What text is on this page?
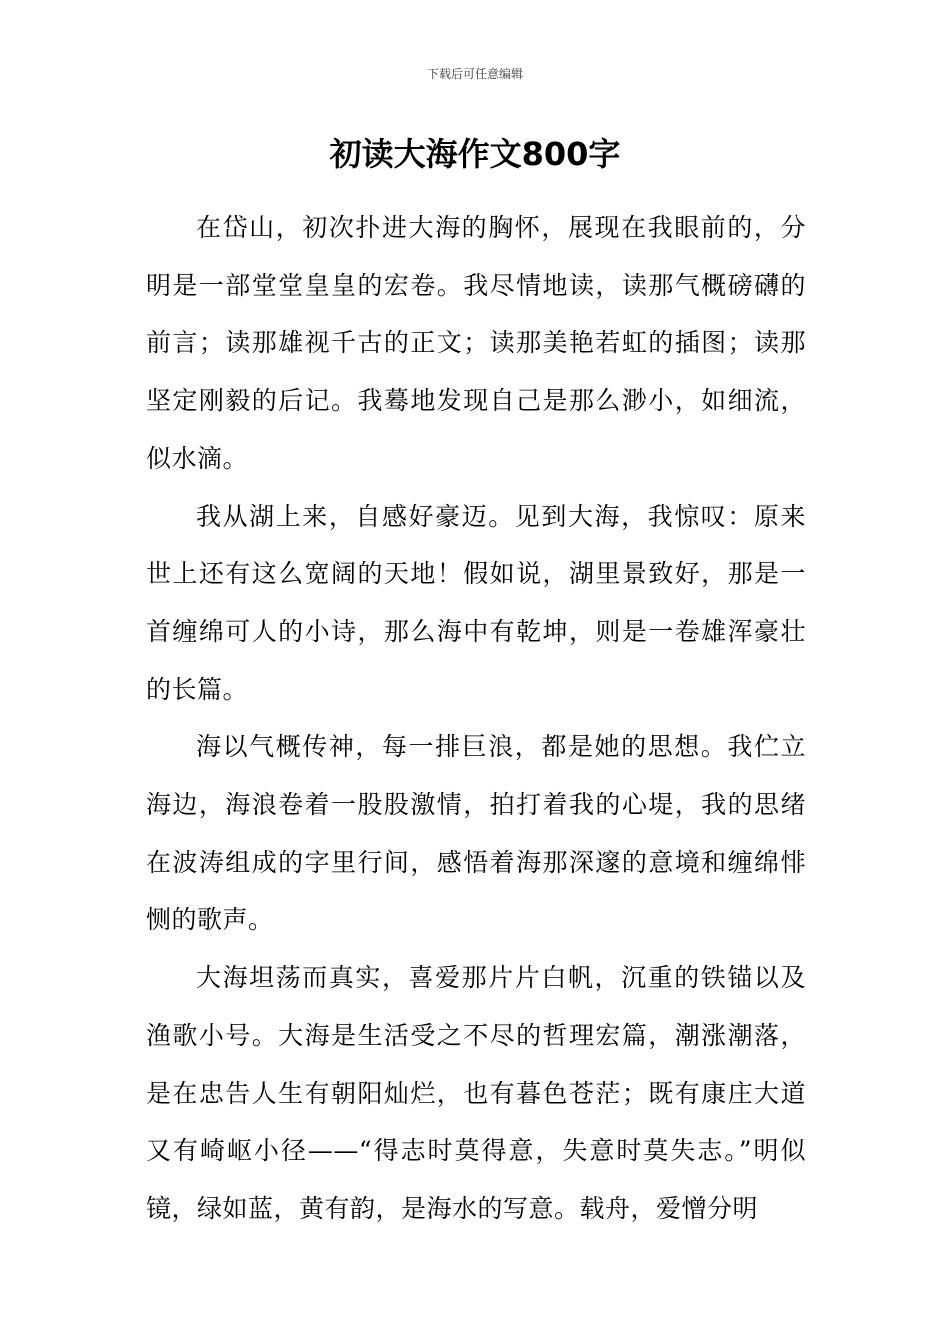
下载后可任意编辑
初读大海作文800字

在岱山，初次扑进大海的胸怀，展现在我眼前的，分明是一部堂堂皇皇的宏卷。我尽情地读，读那气概磅礴的前言；读那雄视千古的正文；读那美艳若虹的插图；读那坚定刚毅的后记。我蓦地发现自己是那么渺小，如细流，似水滴。

我从湖上来，自感好豪迈。见到大海，我惊叹：原来世上还有这么宽阔的天地！假如说，湖里景致好，那是一首缠绵可人的小诗，那么海中有乾坤，则是一卷雄浑豪壮的长篇。

海以气概传神，每一排巨浪，都是她的思想。我伫立海边，海浪卷着一股股激情，拍打着我的心堤，我的思绪在波涛组成的字里行间，感悟着海那深邃的意境和缠绵悱恻的歌声。

大海坦荡而真实，喜爱那片片白帆，沉重的铁锚以及渔歌小号。大海是生活受之不尽的哲理宏篇，潮涨潮落，是在忠告人生有朝阳灿烂，也有暮色苍茫；既有康庄大道又有崎岖小径——“得志时莫得意，失意时莫失志。”明似镜，绿如蓝，黄有韵，是海水的写意。载舟，爱憎分明
